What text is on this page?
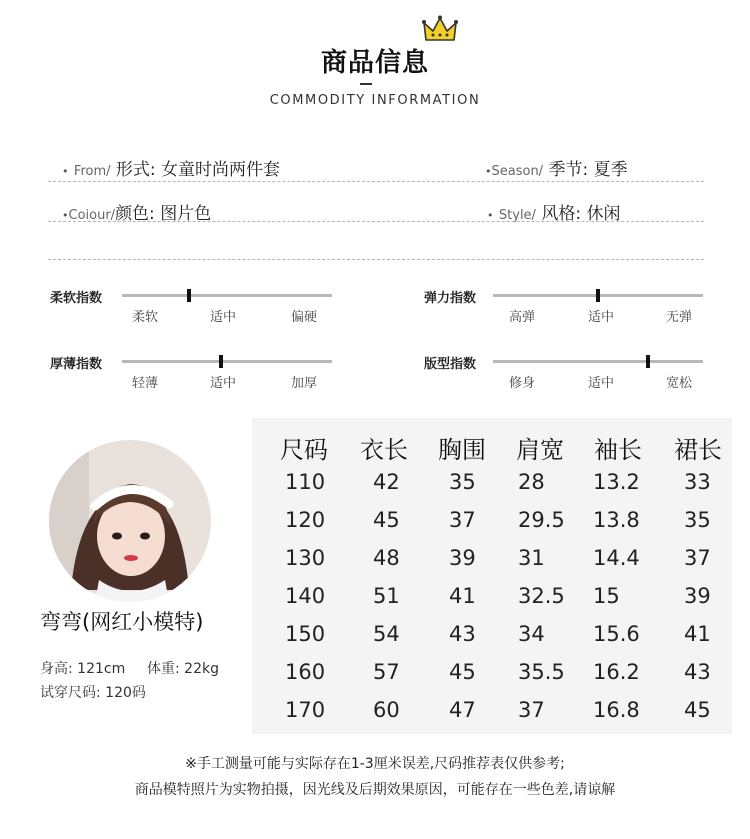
商品信息
COMMODITY INFORMATION
• From/ 形式: 女童时尚两件套	•Season/ 季节: 夏季
•Coiour/颜色: 图片色	• Style/ 风格: 休闲
柔软指数
柔软	适中	偏硬
弹力指数
高弹	适中	无弹
厚薄指数
轻薄	适中	加厚
版型指数
修身	适中	宽松
弯弯(网红小模特)
身高: 121cm 体重: 22kg
试穿尺码: 120码
尺码	衣长	胸围	肩宽	袖长	裙长
110 42 35 28 13.2 33
120 45 37 29.5 13.8 35
130 48 39 31 14.4 37
140 51 41 32.5 15	39
150 54 43 34 15.6 41
160 57 45 35.5 16.2 43
170 60 47 37 16.8 45
※手工测量可能与实际存在1-3厘米误差,尺码推荐表仅供参考;
商品模特照片为实物拍摄，因光线及后期效果原因，可能存在一些色差,请谅解
